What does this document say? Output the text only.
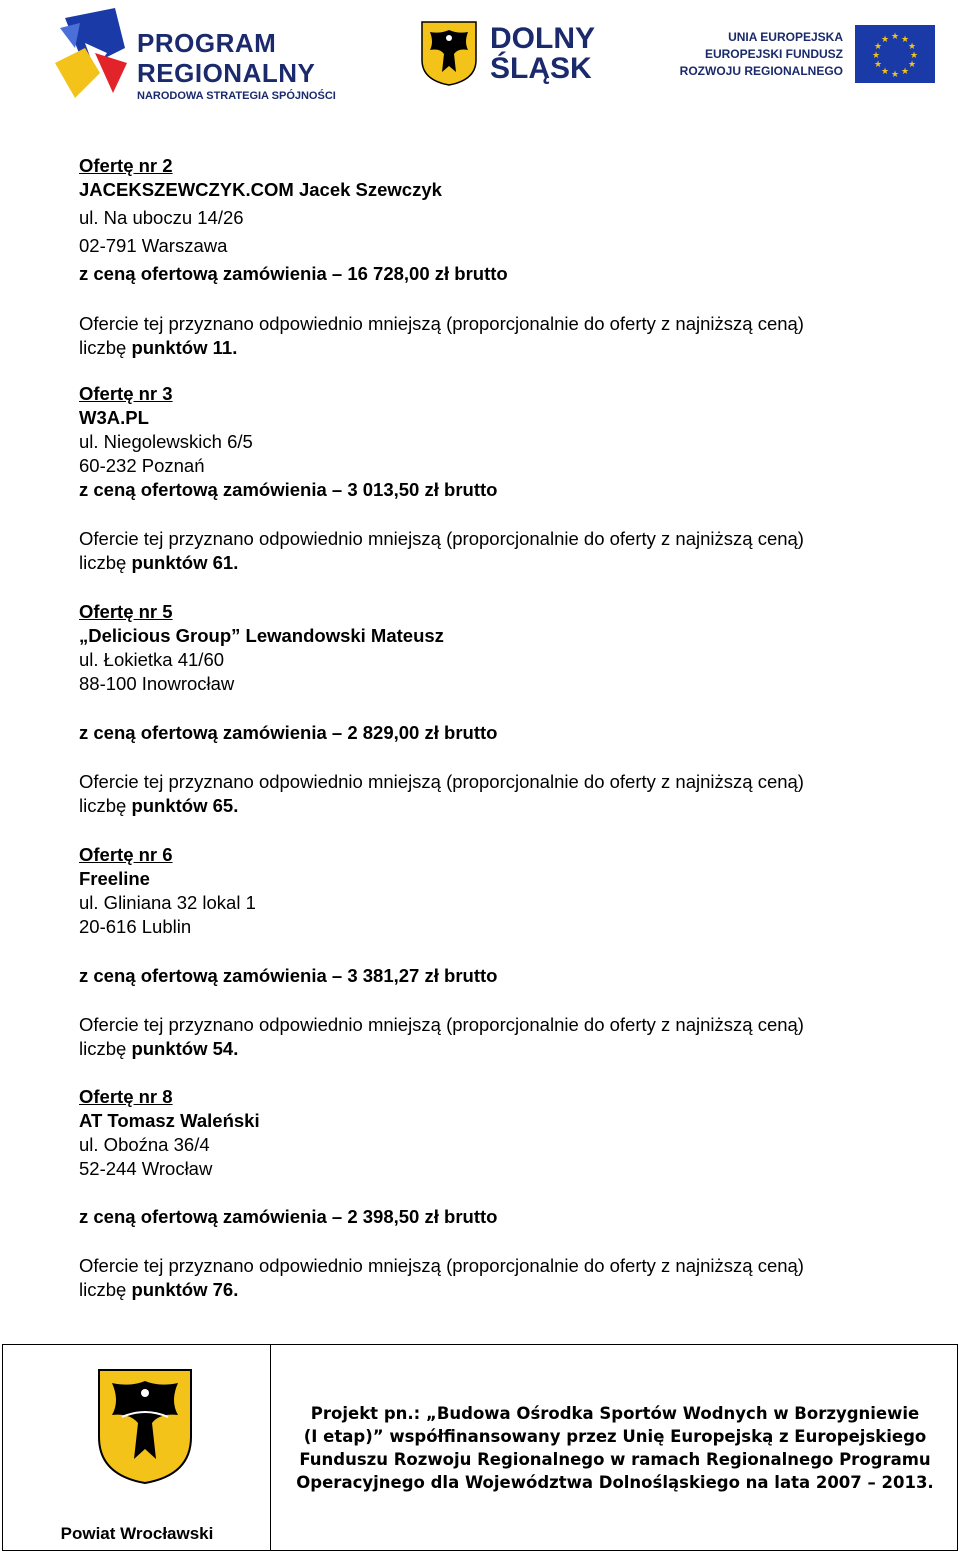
PROGRAM
REGIONALNY
NARODOWA STRATEGIA SPÓJNOŚCI
DOLNY
ŚLĄSK
UNIA EUROPEJSKA
EUROPEJSKI FUNDUSZ
ROZWOJU REGIONALNEGO
★ ★
★
★
★
★
★
★
★
★
★
★

Ofertę nr 2

JACEKSZEWCZYK.COM Jacek Szewczyk

ul. Na uboczu 14/26

02-791 Warszawa

z ceną ofertową zamówienia – 16 728,00 zł brutto

Ofercie tej przyznano odpowiednio mniejszą (proporcjonalnie do oferty z najniższą ceną)

liczbę punktów 11.

Ofertę nr 3

W3A.PL

ul. Niegolewskich 6/5

60-232 Poznań

z ceną ofertową zamówienia – 3 013,50 zł brutto

Ofercie tej przyznano odpowiednio mniejszą (proporcjonalnie do oferty z najniższą ceną)

liczbę punktów 61.

Ofertę nr 5

„Delicious Group” Lewandowski Mateusz

ul. Łokietka 41/60

88-100 Inowrocław

z ceną ofertową zamówienia – 2 829,00 zł brutto

Ofercie tej przyznano odpowiednio mniejszą (proporcjonalnie do oferty z najniższą ceną)

liczbę punktów 65.

Ofertę nr 6

Freeline

ul. Gliniana 32 lokal 1

20-616 Lublin

z ceną ofertową zamówienia – 3 381,27 zł brutto

Ofercie tej przyznano odpowiednio mniejszą (proporcjonalnie do oferty z najniższą ceną)

liczbę punktów 54.

Ofertę nr 8

AT Tomasz Waleński

ul. Oboźna 36/4

52-244 Wrocław

z ceną ofertową zamówienia – 2 398,50 zł brutto

Ofercie tej przyznano odpowiednio mniejszą (proporcjonalnie do oferty z najniższą ceną)

liczbę punktów 76.

Powiat Wrocławski
Projekt pn.: „Budowa Ośrodka Sportów Wodnych w Borzygniewie
(I etap)” współfinansowany przez Unię Europejską z Europejskiego
Funduszu Rozwoju Regionalnego w ramach Regionalnego Programu
Operacyjnego dla Województwa Dolnośląskiego na lata 2007 – 2013.
